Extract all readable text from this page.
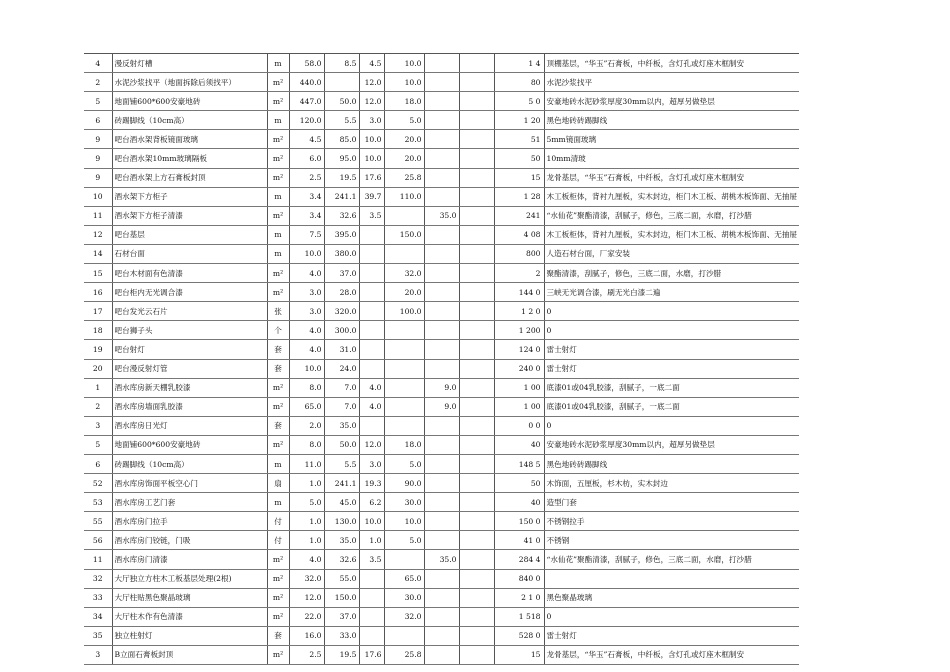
4	漫反射灯槽	m	58.0	8.5	4.5	10.0			1 4	顶棚基层，“华玉”石膏板，中纤板，含灯孔或灯座木框制安
2	水泥沙浆找平（地面拆除后须找平）	m²	440.0		12.0	10.0			80	水泥沙浆找平
5	地面铺600*600安豪地砖	m²	447.0	50.0	12.0	18.0			5 0	安豪地砖水泥砂浆厚度30mm以内，超厚另做垫层
6	砖踢脚线（10cm高）	m	120.0	5.5	3.0	5.0			1 20	黑色地砖砖踢脚线
9	吧台酒水架背板镜面玻璃	m²	4.5	85.0	10.0	20.0			51	5mm镜面玻璃
9	吧台酒水架10mm玻璃隔板	m²	6.0	95.0	10.0	20.0			50	10mm清玻
9	吧台酒水架上方石膏板封顶	m²	2.5	19.5	17.6	25.8			15	龙骨基层，“华玉”石膏板，中纤板，含灯孔或灯座木框制安
10	酒水架下方柜子	m	3.4	241.1	39.7	110.0			1 28	木工板柜体，背衬九厘板，实木封边，柜门木工板、胡桃木板饰面、无抽屉
11	酒水架下方柜子清漆	m²	3.4	32.6	3.5		35.0		241	“水仙花”聚酯清漆，刮腻子，修色，三底二面，水磨，打沙腊
12	吧台基层	m	7.5	395.0		150.0			4 08	木工板柜体，背衬九厘板，实木封边，柜门木工板、胡桃木板饰面、无抽屉
14	石材台面	m	10.0	380.0					800	人造石材台面，厂家安装
15	吧台木材面有色清漆	m²	4.0	37.0		32.0			2	聚酯清漆，刮腻子，修色，三底二面，水磨，打沙腊
16	吧台柜内无光调合漆	m²	3.0	28.0		20.0			144 0	三峡无光调合漆，刷无光白漆二遍
17	吧台发光云石片	张	3.0	320.0		100.0			1 2 0	0
18	吧台狮子头	个	4.0	300.0					1 200	0
19	吧台射灯	套	4.0	31.0					124 0	雷士射灯
20	吧台漫反射灯管	套	10.0	24.0					240 0	雷士射灯
1	酒水库房新天棚乳胶漆	m²	8.0	7.0	4.0		9.0		1 00	底漆01或04乳胶漆，刮腻子，一底二面
2	酒水库房墙面乳胶漆	m²	65.0	7.0	4.0		9.0		1 00	底漆01或04乳胶漆，刮腻子，一底二面
3	酒水库房日光灯	套	2.0	35.0					0 0	0
5	地面铺600*600安豪地砖	m²	8.0	50.0	12.0	18.0			40	安豪地砖水泥砂浆厚度30mm以内，超厚另做垫层
6	砖踢脚线（10cm高）	m	11.0	5.5	3.0	5.0			148 5	黑色地砖砖踢脚线
52	酒水库房饰面平板空心门	扇	1.0	241.1	19.3	90.0			50	木饰面，五厘板，杉木枋，实木封边
53	酒水库房工艺门套	m	5.0	45.0	6.2	30.0			40	造型门套
55	酒水库房门拉手	付	1.0	130.0	10.0	10.0			150 0	不锈钢拉手
56	酒水库房门铰链，门吸	付	1.0	35.0	1.0	5.0			41 0	不锈钢
11	酒水库房门清漆	m²	4.0	32.6	3.5		35.0		284 4	“水仙花”聚酯清漆，刮腻子，修色，三底二面，水磨，打沙腊
32	大厅独立方柱木工板基层处理(2根)	m²	32.0	55.0		65.0			840 0	
33	大厅柱贴黑色聚晶玻璃	m²	12.0	150.0		30.0			2 1 0	黑色聚晶玻璃
34	大厅柱木作有色清漆	m²	22.0	37.0		32.0			1 518	0
35	独立柱射灯	套	16.0	33.0					528 0	雷士射灯
3	B立面石膏板封顶	m²	2.5	19.5	17.6	25.8			15	龙骨基层，“华玉”石膏板，中纤板，含灯孔或灯座木框制安
